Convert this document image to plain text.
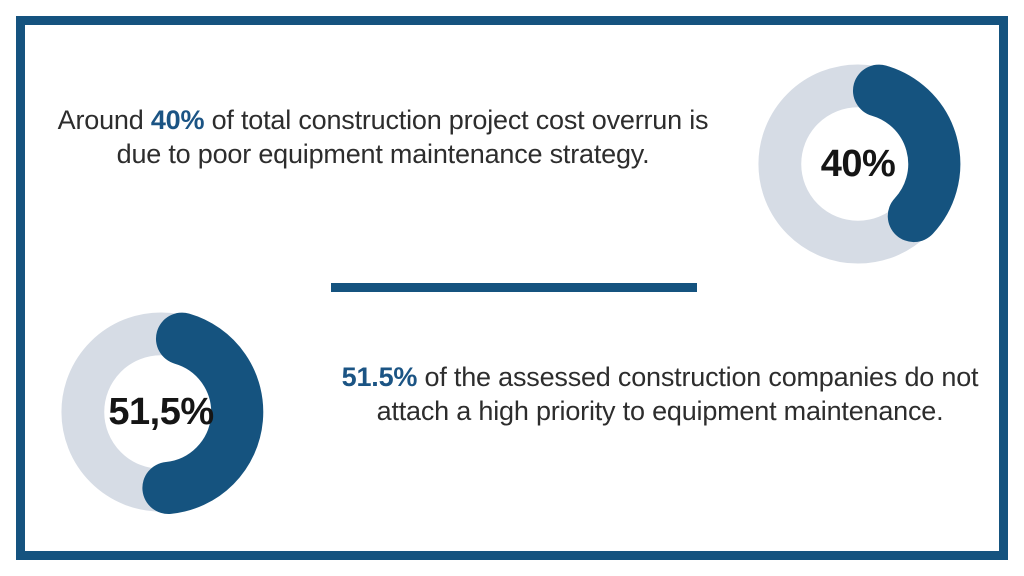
Around 40% of total construction project cost overrun is due to poor equipment maintenance strategy.	40%
51,5%

51.5% of the assessed construction companies do not attach a high priority to equipment maintenance.
